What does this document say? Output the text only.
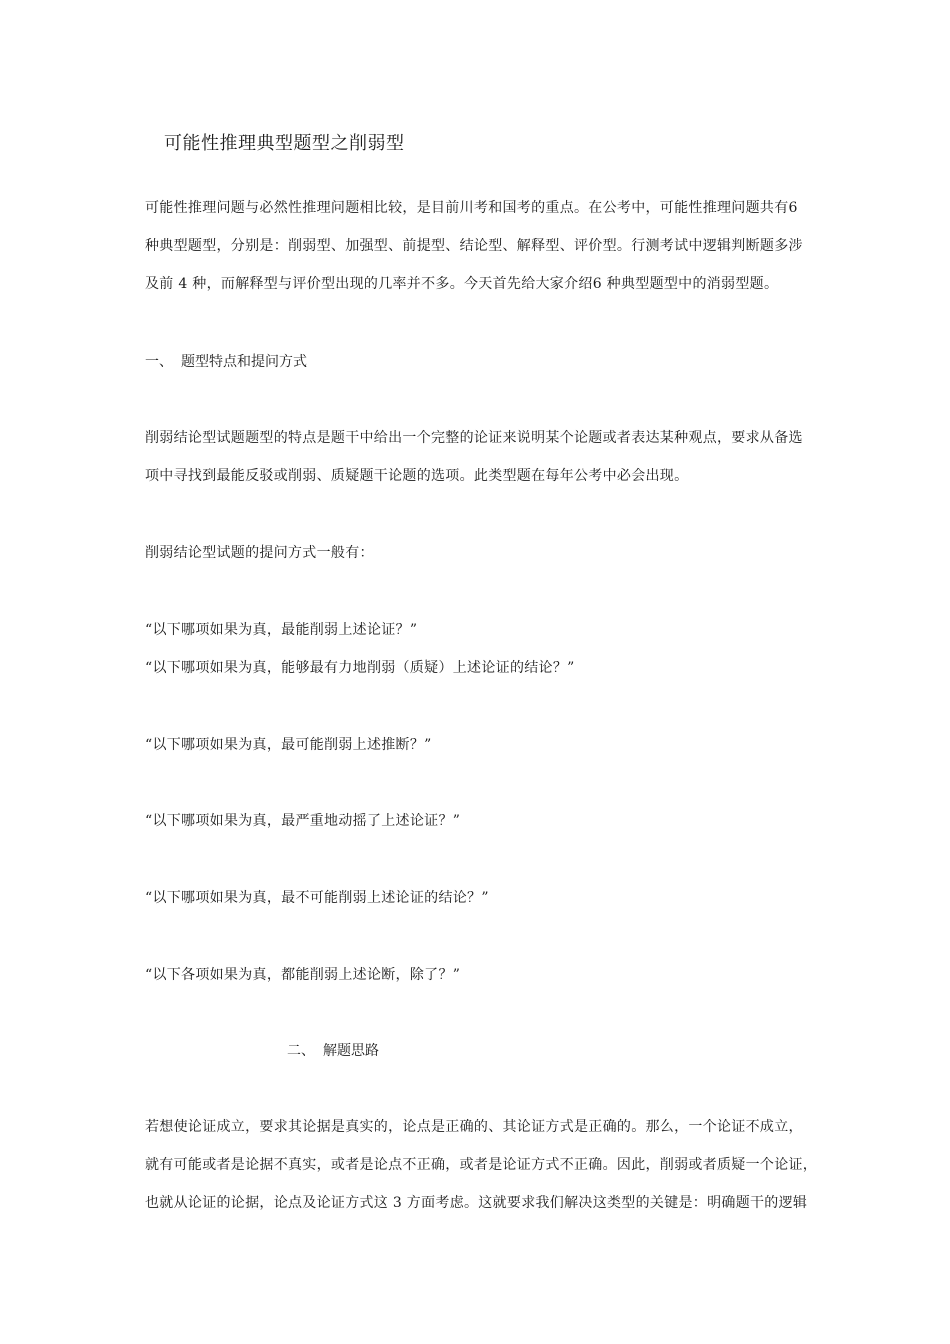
可能性推理典型题型之削弱型
可能性推理问题与必然性推理问题相比较，是目前川考和国考的重点。在公考中，可能性推理问题共有6
种典型题型，分别是：削弱型、加强型、前提型、结论型、解释型、评价型。行测考试中逻辑判断题多涉
及前 4 种，而解释型与评价型出现的几率并不多。今天首先给大家介绍6 种典型题型中的消弱型题。
一、 题型特点和提问方式
削弱结论型试题题型的特点是题干中给出一个完整的论证来说明某个论题或者表达某种观点，要求从备选
项中寻找到最能反驳或削弱、质疑题干论题的选项。此类型题在每年公考中必会出现。
削弱结论型试题的提问方式一般有：
“以下哪项如果为真，最能削弱上述论证？”
“以下哪项如果为真，能够最有力地削弱（质疑）上述论证的结论？”
“以下哪项如果为真，最可能削弱上述推断？”
“以下哪项如果为真，最严重地动摇了上述论证？”
“以下哪项如果为真，最不可能削弱上述论证的结论？”
“以下各项如果为真，都能削弱上述论断，除了？”
二、 解题思路
若想使论证成立，要求其论据是真实的，论点是正确的、其论证方式是正确的。那么，一个论证不成立，
就有可能或者是论据不真实，或者是论点不正确，或者是论证方式不正确。因此，削弱或者质疑一个论证，
也就从论证的论据，论点及论证方式这 3 方面考虑。这就要求我们解决这类型的关键是：明确题干的逻辑
